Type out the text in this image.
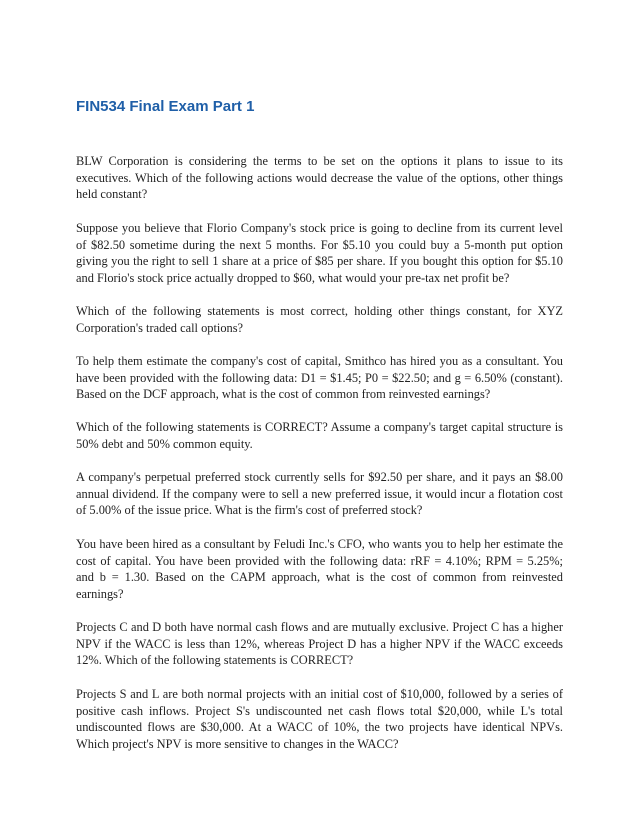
FIN534 Final Exam Part 1

BLW Corporation is considering the terms to be set on the options it plans to issue to its executives. Which of the following actions would decrease the value of the options, other things held constant?

Suppose you believe that Florio Company's stock price is going to decline from its current level of $82.50 sometime during the next 5 months. For $5.10 you could buy a 5-month put option giving you the right to sell 1 share at a price of $85 per share. If you bought this option for $5.10 and Florio's stock price actually dropped to $60, what would your pre-tax net profit be?

Which of the following statements is most correct, holding other things constant, for XYZ Corporation's traded call options?

To help them estimate the company's cost of capital, Smithco has hired you as a consultant. You have been provided with the following data: D1 = $1.45; P0 = $22.50; and g = 6.50% (constant). Based on the DCF approach, what is the cost of common from reinvested earnings?

Which of the following statements is CORRECT? Assume a company's target capital structure is 50% debt and 50% common equity.

A company's perpetual preferred stock currently sells for $92.50 per share, and it pays an $8.00 annual dividend. If the company were to sell a new preferred issue, it would incur a flotation cost of 5.00% of the issue price. What is the firm's cost of preferred stock?

You have been hired as a consultant by Feludi Inc.'s CFO, who wants you to help her estimate the cost of capital. You have been provided with the following data: rRF = 4.10%; RPM = 5.25%; and b = 1.30. Based on the CAPM approach, what is the cost of common from reinvested earnings?

Projects C and D both have normal cash flows and are mutually exclusive. Project C has a higher NPV if the WACC is less than 12%, whereas Project D has a higher NPV if the WACC exceeds 12%. Which of the following statements is CORRECT?

Projects S and L are both normal projects with an initial cost of $10,000, followed by a series of positive cash inflows. Project S's undiscounted net cash flows total $20,000, while L's total undiscounted flows are $30,000. At a WACC of 10%, the two projects have identical NPVs. Which project's NPV is more sensitive to changes in the WACC?
